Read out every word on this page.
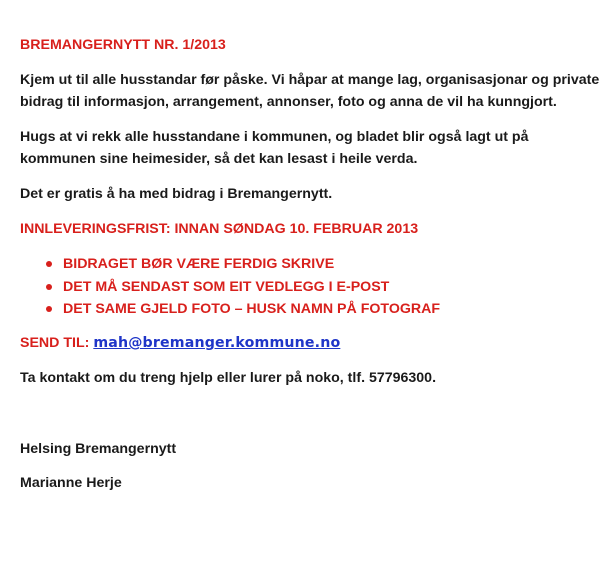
BREMANGERNYTT NR. 1/2013

Kjem ut til alle husstandar før påske. Vi håpar at mange lag, organisasjonar og private bidrag til informasjon, arrangement, annonser, foto og anna de vil ha kunngjort.

Hugs at vi rekk alle husstandane i kommunen, og bladet blir også lagt ut på kommunen sine heimesider, så det kan lesast i heile verda.

Det er gratis å ha med bidrag i Bremangernytt.

INNLEVERINGSFRIST: INNAN SØNDAG 10. FEBRUAR 2013

BIDRAGET BØR VÆRE FERDIG SKRIVE
DET MÅ SENDAST SOM EIT VEDLEGG I E-POST
DET SAME GJELD FOTO – HUSK NAMN PÅ FOTOGRAF

SEND TIL: mah@bremanger.kommune.no

Ta kontakt om du treng hjelp eller lurer på noko, tlf. 57796300.

Helsing Bremangernytt

Marianne Herje
